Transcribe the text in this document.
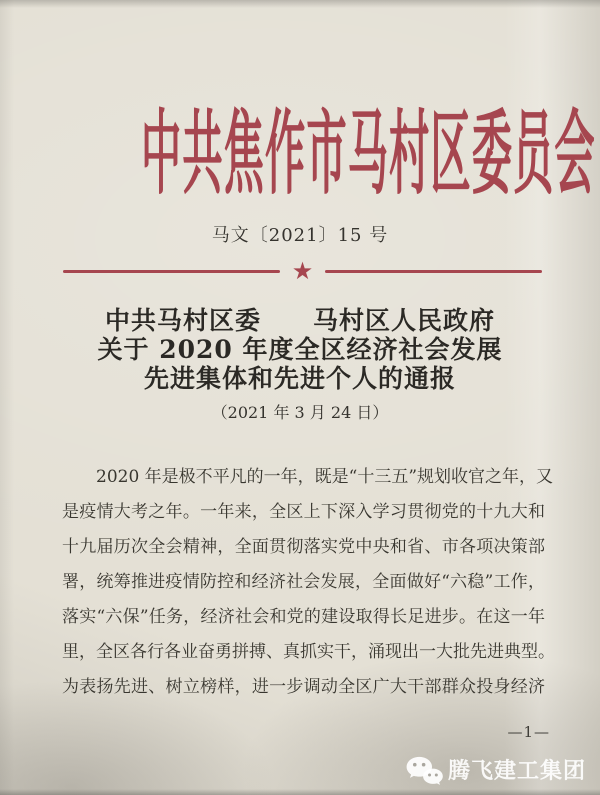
中共焦作市马村区委员会
马文〔2021〕15 号
★
中共马村区委　　马村区人民政府
关于 2020 年度全区经济社会发展
先进集体和先进个人的通报
（2021 年 3 月 24 日）
2020 年是极不平凡的一年，既是“十三五”规划收官之年，又
是疫情大考之年。一年来，全区上下深入学习贯彻党的十九大和
十九届历次全会精神，全面贯彻落实党中央和省、市各项决策部
署，统筹推进疫情防控和经济社会发展，全面做好“六稳”工作，
落实“六保”任务，经济社会和党的建设取得长足进步。在这一年
里，全区各行各业奋勇拼搏、真抓实干，涌现出一大批先进典型。
为表扬先进、树立榜样，进一步调动全区广大干部群众投身经济
—1—
腾飞建工集团
